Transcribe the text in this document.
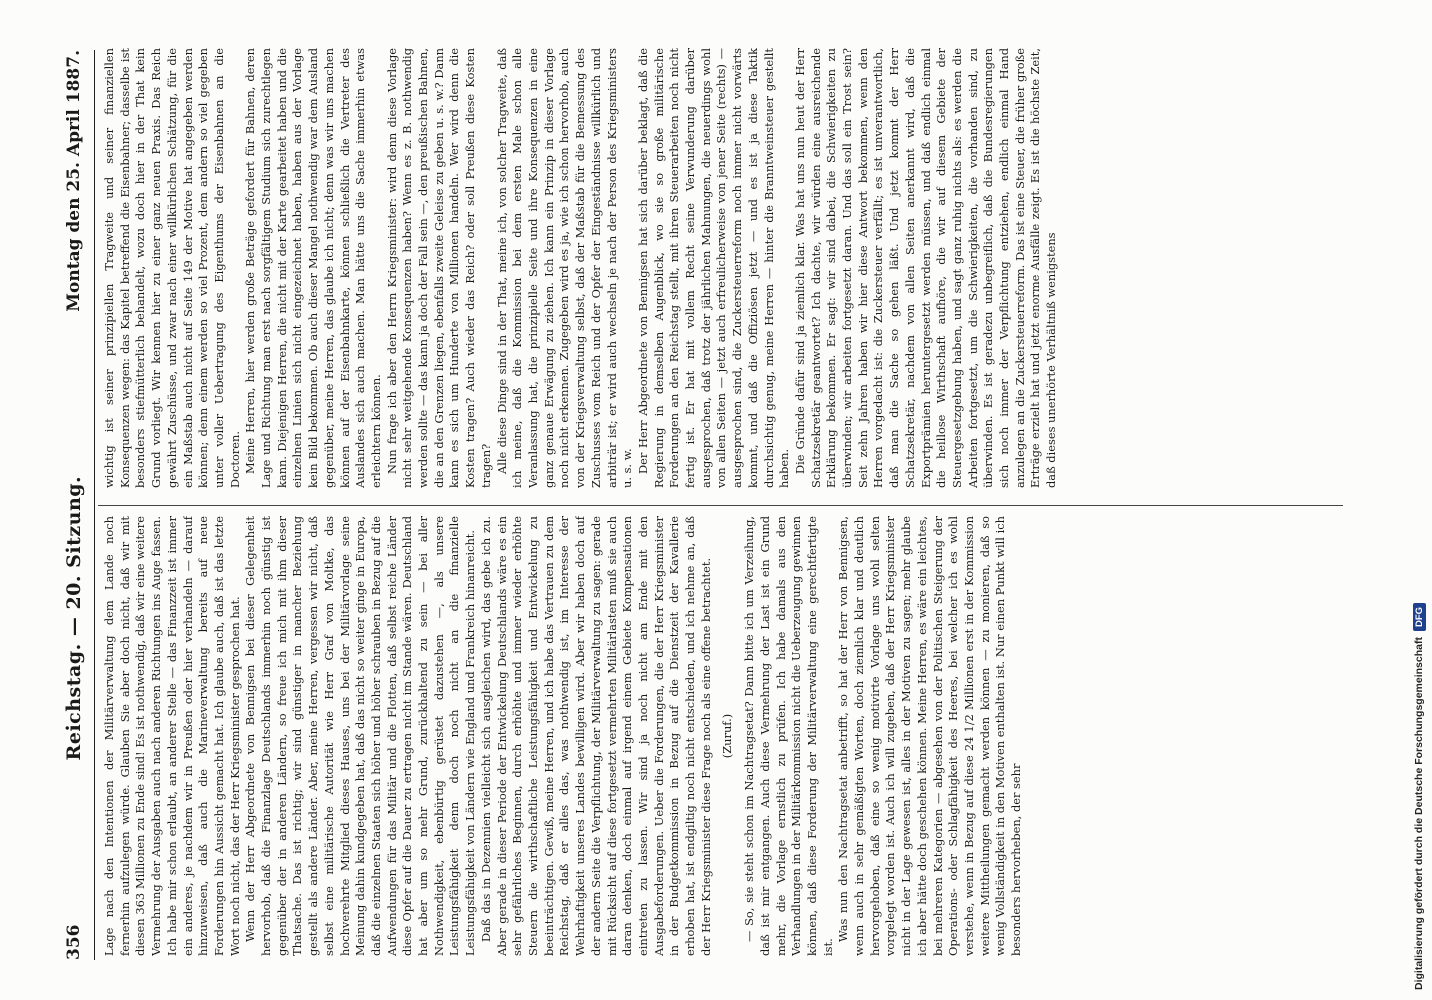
356
Reichstag. — 20. Sitzung.
Montag den 25. April 1887.

Lage nach den Intentionen der Militärverwaltung dem Lande noch fernerhin aufzulegen würde. Glauben Sie aber doch nicht, daß wir mit diesen 363 Millionen zu Ende sind! Es ist nothwendig, daß wir eine weitere Vermehrung der Ausgaben auch nach anderen Richtungen ins Auge fassen. Ich habe mir schon erlaubt, an anderer Stelle — das Finanzzeit ist immer ein anderes, je nachdem wir in Preußen oder hier verhandeln — darauf hinzuweisen, daß auch die Marineverwaltung bereits auf neue Forderungen hin Aussicht gemacht hat. Ich glaube auch, daß ist das letzte Wort noch nicht, das der Herr Kriegsminister gesprochen hat. Wenn der Herr Abgeordnete von Bennigsen bei dieser Gelegenheit hervorhob, daß die Finanzlage Deutschlands immerhin noch günstig ist gegenüber der in anderen Ländern, so freue ich mich mit ihm dieser Thatsache. Das ist richtig; wir sind günstiger in mancher Beziehung gestellt als andere Länder. Aber, meine Herren, vergessen wir nicht, daß selbst eine militärische Autorität wie Herr Graf von Moltke, das hochverehrte Mitglied dieses Hauses, uns bei der Militärvorlage seine Meinung dahin kundgegeben hat, daß das nicht so weiter ginge in Europa, daß die einzelnen Staaten sich höher und höher schrauben in Bezug auf die Aufwendungen für das Militär und die Flotten, daß selbst reiche Länder diese Opfer auf die Dauer zu ertragen nicht im Stande wären. Deutschland hat aber um so mehr Grund, zurückhaltend zu sein — bei aller Nothwendigkeit, ebenbürtig gerüstet dazustehen —, als unsere Leistungsfähigkeit denn doch noch nicht an die finanzielle Leistungsfähigkeit von Ländern wie England und Frankreich hinanreicht. Daß das in Dezennien vielleicht sich ausgleichen wird, das gebe ich zu. Aber gerade in dieser Periode der Entwickelung Deutschlands wäre es ein sehr gefährliches Beginnen, durch erhöhte und immer wieder erhöhte Steuern die wirthschaftliche Leistungsfähigkeit und Entwickelung zu beeinträchtigen. Gewiß, meine Herren, und ich habe das Vertrauen zu dem Reichstag, daß er alles das, was nothwendig ist, im Interesse der Wehrhaftigkeit unseres Landes bewilligen wird. Aber wir haben doch auf der andern Seite die Verpflichtung, der Militärverwaltung zu sagen: gerade mit Rücksicht auf diese fortgesetzt vermehrten Militärlasten muß sie auch daran denken, doch einmal auf irgend einem Gebiete Kompensationen eintreten zu lassen. Wir sind ja noch nicht am Ende mit den Ausgabeforderungen. Ueber die Forderungen, die der Herr Kriegsminister in der Budgetkommission in Bezug auf die Dienstzeit der Kavallerie erhoben hat, ist endgiltig noch nicht entschieden, und ich nehme an, daß der Herr Kriegsminister diese Frage noch als eine offene betrachtet. (Zuruf.) — So, sie steht schon im Nachtragsetat? Dann bitte ich um Verzeihung, daß ist mir entgangen. Auch diese Vermehrung der Last ist ein Grund mehr, die Vorlage ernstlich zu prüfen. Ich habe damals aus den Verhandlungen in der Militärkommission nicht die Ueberzeugung gewinnen können, daß diese Forderung der Militärverwaltung eine gerechtfertigte ist.

Was nun den Nachtragsetat anbetrifft, so hat der Herr von Bennigsen, wenn auch in sehr gemäßigten Worten, doch ziemlich klar und deutlich hervorgehoben, daß eine so wenig motivirte Vorlage uns wohl selten vorgelegt worden ist. Auch ich will zugeben, daß der Herr Kriegsminister nicht in der Lage gewesen ist, alles in der Motiven zu sagen; mehr glaube ich aber hätte doch geschehen können. Meine Herren, es wäre ein leichtes, bei mehreren Kategorien — abgesehen von der Politischen Steigerung der Operations- oder Schlagfähigkeit des Heeres, bei welcher ich es wohl verstehe, wenn in Bezug auf diese 24 1/2 Millionen erst in der Kommission weitere Mittheilungen gemacht werden können — zu monieren, daß so wenig Vollständigkeit in den Motiven enthalten ist. Nur einen Punkt will ich besonders hervorheben, der sehr

wichtig ist seiner prinzipiellen Tragweite und seiner finanziellen Konsequenzen wegen: das Kapitel betreffend die Eisenbahner; dasselbe ist besonders stiefmütterlich behandelt, wozu doch hier in der That kein Grund vorliegt. Wir kennen hier zu einer ganz neuen Praxis. Das Reich gewährt Zuschüsse, und zwar nach einer willkürlichen Schätzung, für die ein Maßstab auch nicht auf Seite 149 der Motive hat angegeben werden können; denn einem werden so viel Prozent, dem andern so viel gegeben unter voller Uebertragung des Eigenthums der Eisenbahnen an die Doctoren. Meine Herren, hier werden große Beträge gefordert für Bahnen, deren Lage und Richtung man erst nach sorgfältigem Studium sich zurechtlegen kann. Diejenigen Herren, die nicht mit der Karte gearbeitet haben und die einzelnen Linien sich nicht eingezeichnet haben, haben aus der Vorlage kein Bild bekommen. Ob auch dieser Mangel nothwendig war dem Ausland gegenüber, meine Herren, das glaube ich nicht; denn was wir uns machen können auf der Eisenbahnkarte, können schließlich die Vertreter des Auslandes sich auch machen. Man hätte uns die Sache immerhin etwas erleichtern können. Nun frage ich aber den Herrn Kriegsminister: wird denn diese Vorlage nicht sehr weitgehende Konsequenzen haben? Wenn es z. B. nothwendig werden sollte — das kann ja doch der Fall sein —, den preußischen Bahnen, die an den Grenzen liegen, ebenfalls zweite Geleise zu geben u. s. w.? Dann kann es sich um Hunderte von Millionen handeln. Wer wird denn die Kosten tragen? Auch wieder das Reich? oder soll Preußen diese Kosten tragen? Alle diese Dinge sind in der That, meine ich, von solcher Tragweite, daß ich meine, daß die Kommission bei dem ersten Male schon alle Veranlassung hat, die prinzipielle Seite und ihre Konsequenzen in eine ganz genaue Erwägung zu ziehen. Ich kann ein Prinzip in dieser Vorlage noch nicht erkennen. Zugegeben wird es ja, wie ich schon hervorhob, auch von der Kriegsverwaltung selbst, daß der Maßstab für die Bemessung des Zuschusses vom Reich und der Opfer der Eingeständnisse willkürlich und arbiträr ist; er wird auch wechseln je nach der Person des Kriegsministers u. s. w. Der Herr Abgeordnete von Bennigsen hat sich darüber beklagt, daß die Regierung in demselben Augenblick, wo sie so große militärische Forderungen an den Reichstag stellt, mit ihren Steuerarbeiten noch nicht fertig ist. Er hat mit vollem Recht seine Verwunderung darüber ausgesprochen, daß trotz der jährlichen Mahnungen, die neuerdings wohl von allen Seiten — jetzt auch erfreulicherweise von jener Seite (rechts) — ausgesprochen sind, die Zuckersteuerreform noch immer nicht vorwärts kommt, und daß die Offiziösen jetzt — und es ist ja diese Taktik durchsichtig genug, meine Herren — hinter die Branntweinsteuer gestellt haben. Die Gründe dafür sind ja ziemlich klar. Was hat uns nun heut der Herr Schatzsekretär geantwortet? Ich dachte, wir würden eine ausreichende Erklärung bekommen. Er sagt: wir sind dabei, die Schwierigkeiten zu überwinden; wir arbeiten fortgesetzt daran. Und das soll ein Trost sein? Seit zehn Jahren haben wir hier diese Antwort bekommen, wenn den Herren vorgedacht ist: die Zuckersteuer verfällt; es ist unverantwortlich, daß man die Sache so gehen läßt. Und jetzt kommt der Herr Schatzsekretär, nachdem von allen Seiten anerkannt wird, daß die Exportprämien heruntergesetzt werden müssen, und daß endlich einmal die heillose Wirthschaft aufhöre, die wir auf diesem Gebiete der Steuergesetzgebung haben, und sagt ganz ruhig nichts als: es werden die Arbeiten fortgesetzt, um die Schwierigkeiten, die vorhanden sind, zu überwinden. Es ist geradezu unbegreiflich, daß die Bundesregierungen sich noch immer der Verpflichtung entziehen, endlich einmal Hand anzulegen an die Zuckersteuerreform. Das ist eine Steuer, die früher große Erträge erzielt hat und jetzt enorme Ausfälle zeigt. Es ist die höchste Zeit, daß dieses unerhörte Verhältniß wenigstens

Digitalisierung gefördert durch die Deutsche Forschungsgemeinschaft
DFG
